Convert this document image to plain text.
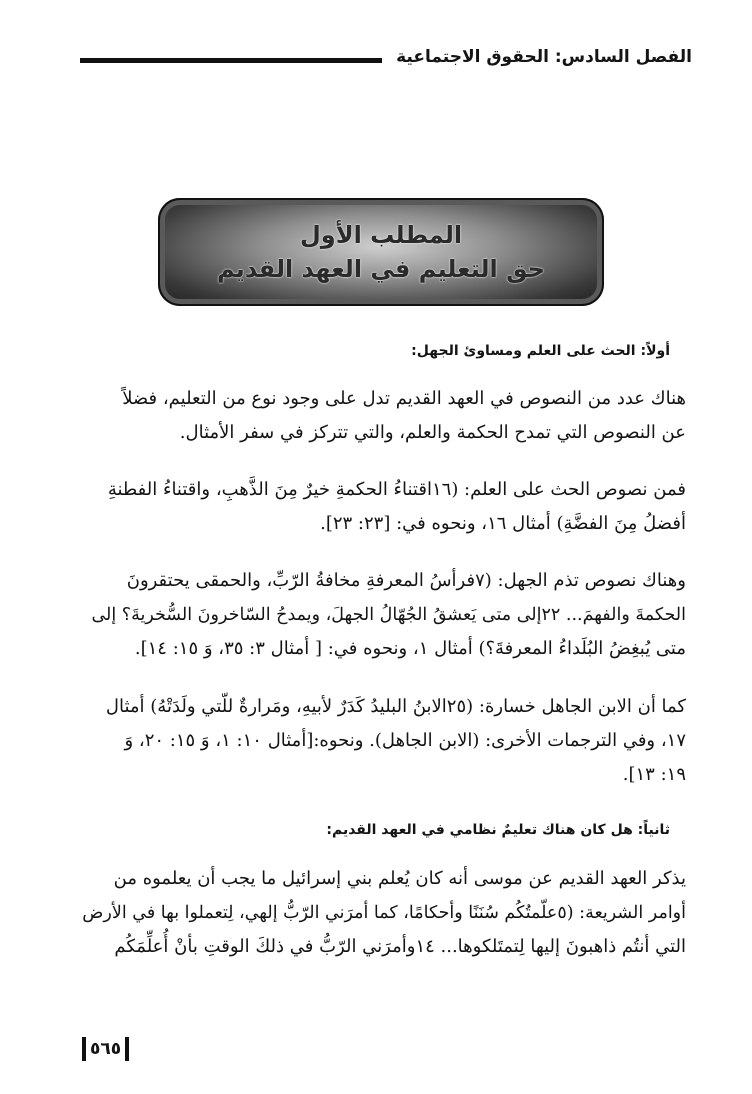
الفصل السادس: الحقوق الاجتماعية
المطلب الأول
حق التعليم في العهد القديم
أولاً: الحث على العلم ومساوئ الجهل:
هناك عدد من النصوص في العهد القديم تدل على وجود نوع من التعليم، فضلاً
عن النصوص التي تمدح الحكمة والعلم، والتي تتركز في سفر الأمثال.
فمن نصوص الحث على العلم: (١٦اقتناءُ الحكمةِ خيرٌ مِنَ الذَّهبِ، واقتناءُ الفطنةِ
أفضلُ مِنَ الفضَّةِ) أمثال ١٦، ونحوه في: [٢٣: ٢٣].
وهناك نصوص تذم الجهل: (٧فرأسُ المعرفةِ مخافةُ الرّبِّ، والحمقى يحتقرونَ
الحكمةَ والفهمَ... ٢٢إلى متى يَعشقُ الجُهّالُ الجهلَ، ويمدحُ السّاخرونَ السُّخريةَ؟ إلى
متى يُبغِضُ البُلَداءُ المعرفةَ؟) أمثال ١، ونحوه في: [ أمثال ٣: ٣٥، وَ ١٥: ١٤].
كما أن الابن الجاهل خسارة: (٢٥الابنُ البليدُ كَدَرٌ لأبيهِ، ومَرارةٌ للّتي ولَدَتْهُ) أمثال
١٧، وفي الترجمات الأخرى: (الابن الجاهل). ونحوه:[أمثال ١٠: ١، وَ ١٥: ٢٠، وَ
١٩: ١٣].
ثانياً: هل كان هناك تعليمٌ نظامي في العهد القديم:
يذكر العهد القديم عن موسى أنه كان يُعلم بني إسرائيل ما يجب أن يعلموه من
أوامر الشريعة: (٥علّمتُكُم سُنَنًا وأحكامًا، كما أمرَني الرّبُّ إلهي، لِتعملوا بها في الأرض
التي أنتُم ذاهبونَ إليها لِتمتَلكوها... ١٤وأمرَني الرّبُّ في ذلكَ الوقتِ بأنْ أُعلِّمَكُم
٥٦٥
